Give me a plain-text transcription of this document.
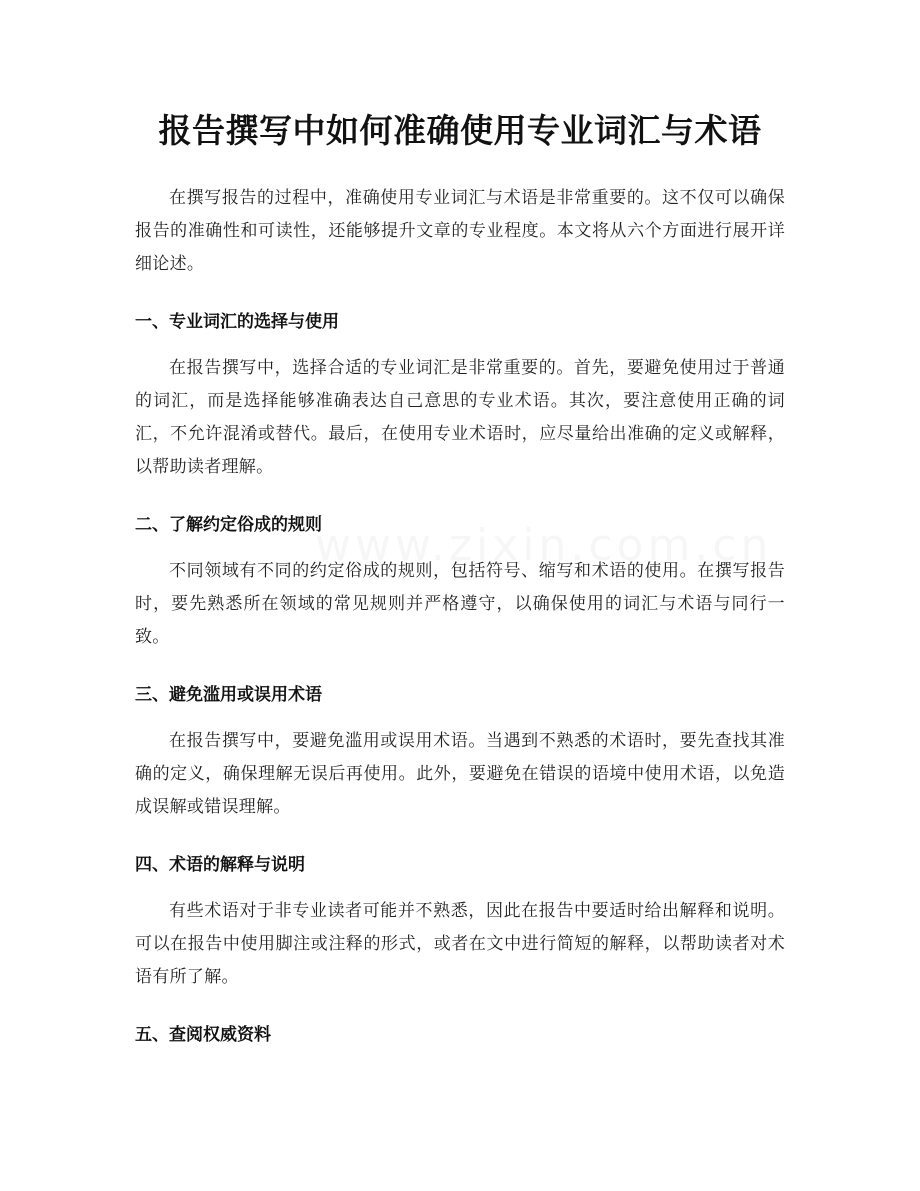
报告撰写中如何准确使用专业词汇与术语

在撰写报告的过程中，准确使用专业词汇与术语是非常重要的。这不仅可以确保报告的准确性和可读性，还能够提升文章的专业程度。本文将从六个方面进行展开详细论述。

一、专业词汇的选择与使用

在报告撰写中，选择合适的专业词汇是非常重要的。首先，要避免使用过于普通的词汇，而是选择能够准确表达自己意思的专业术语。其次，要注意使用正确的词汇，不允许混淆或替代。最后，在使用专业术语时，应尽量给出准确的定义或解释，以帮助读者理解。

二、了解约定俗成的规则

不同领域有不同的约定俗成的规则，包括符号、缩写和术语的使用。在撰写报告时，要先熟悉所在领域的常见规则并严格遵守，以确保使用的词汇与术语与同行一致。

三、避免滥用或误用术语

在报告撰写中，要避免滥用或误用术语。当遇到不熟悉的术语时，要先查找其准确的定义，确保理解无误后再使用。此外，要避免在错误的语境中使用术语，以免造成误解或错误理解。

四、术语的解释与说明

有些术语对于非专业读者可能并不熟悉，因此在报告中要适时给出解释和说明。可以在报告中使用脚注或注释的形式，或者在文中进行简短的解释，以帮助读者对术语有所了解。

五、查阅权威资料
